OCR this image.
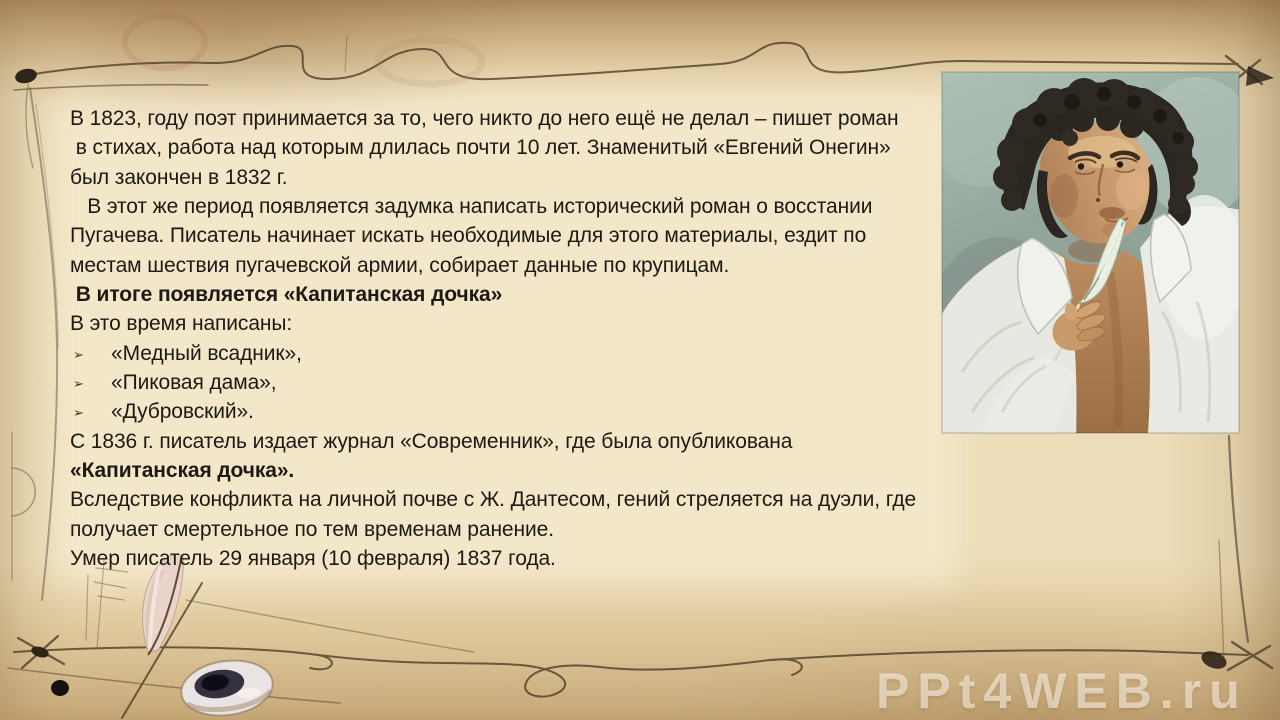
В 1823, году поэт принимается за то, чего никто до него ещё не делал – пишет роман
в стихах, работа над которым длилась почти 10 лет. Знаменитый «Евгений Онегин»
был закончен в 1832 г.
В этот же период появляется задумка написать исторический роман о восстании
Пугачева. Писатель начинает искать необходимые для этого материалы, ездит по
местам шествия пугачевской армии, собирает данные по крупицам.
В итоге появляется «Капитанская дочка»
В это время написаны:
➢ «Медный всадник»,
➢ «Пиковая дама»,
➢ «Дубровский».
С 1836 г. писатель издает журнал «Современник», где была опубликована
«Капитанская дочка».
Вследствие конфликта на личной почве с Ж. Дантесом, гений стреляется на дуэли, где
получает смертельное по тем временам ранение.
Умер писатель 29 января (10 февраля) 1837 года.
PPt4WEB.ru
